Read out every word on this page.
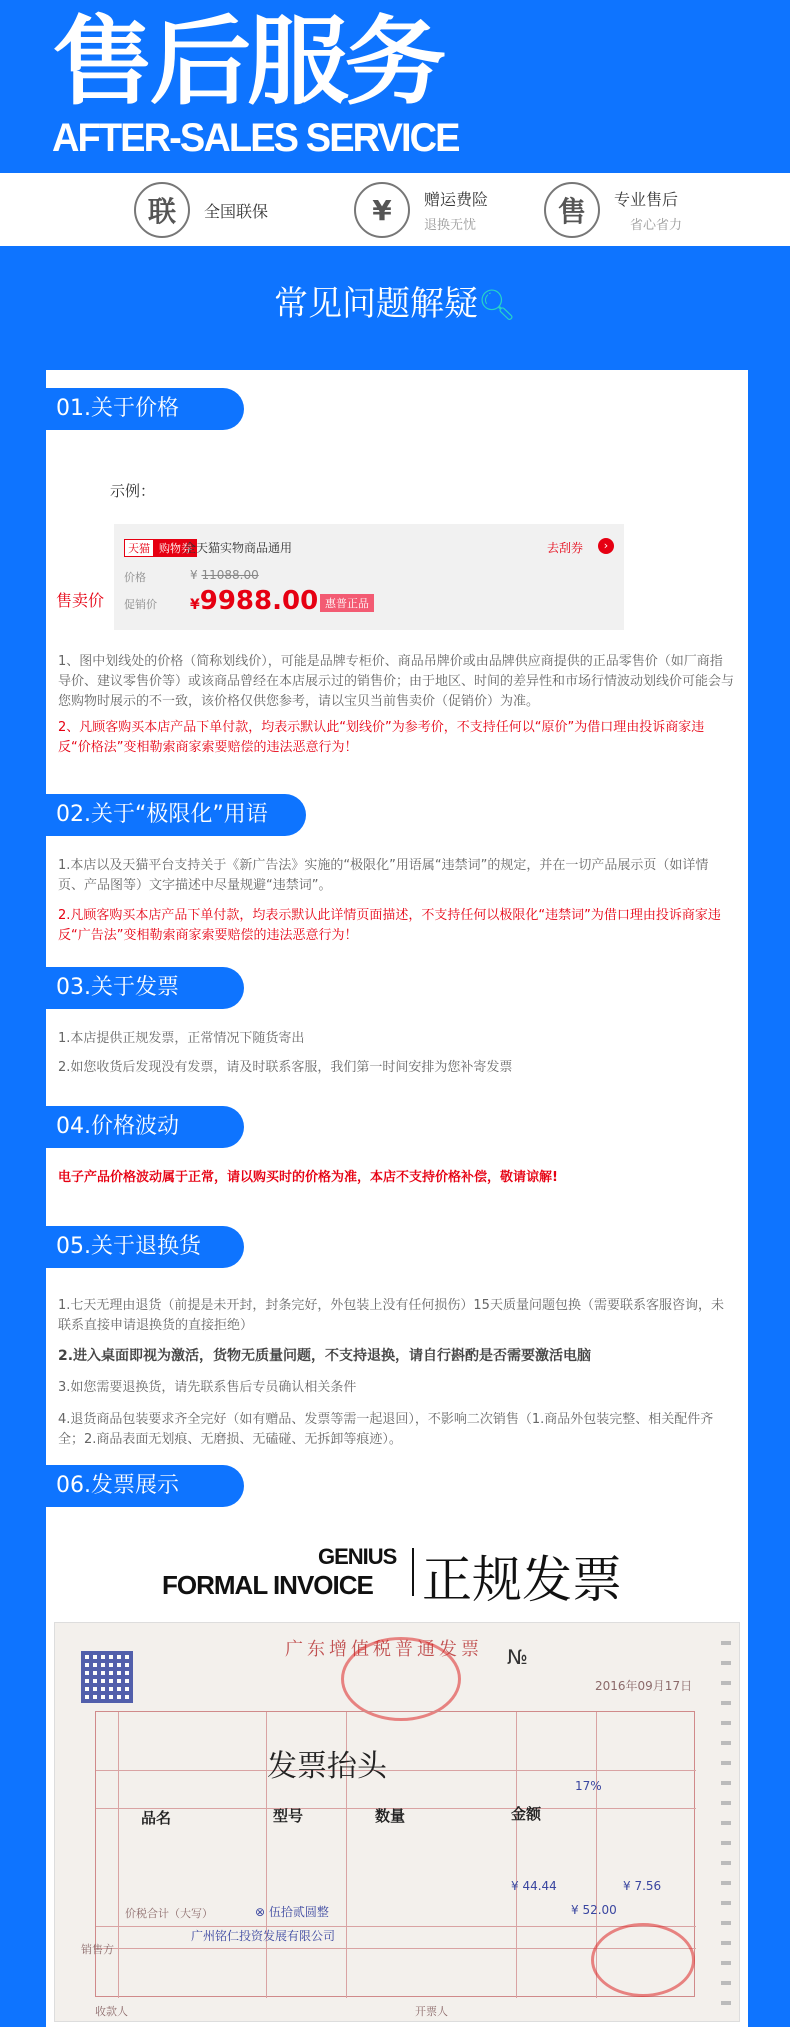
售后服务
AFTER-SALES SERVICE
联	全国联保	¥	赠运费险
退换无忧	售	专业售后
省心省力
常见问题解疑🔍︎
01.关于价格
示例：
天猫 购物券
全天猫实物商品通用	去刮券	›
价格	¥ 11088.00
促销价 ¥9988.00 惠普正品
售卖价
1、图中划线处的价格（简称划线价），可能是品牌专柜价、商品吊牌价或由品牌供应商提供的正品零售价（如厂商指导价、建议零售价等）或该商品曾经在本店展示过的销售价；由于地区、时间的差异性和市场行情波动划线价可能会与您购物时展示的不一致，该价格仅供您参考，请以宝贝当前售卖价（促销价）为准。
2、凡顾客购买本店产品下单付款，均表示默认此“划线价”为参考价，不支持任何以“原价”为借口理由投诉商家违反“价格法”变相勒索商家索要赔偿的违法恶意行为！
02.关于“极限化”用语
1.本店以及天猫平台支持关于《新广告法》实施的“极限化”用语属“违禁词”的规定，并在一切产品展示页（如详情页、产品图等）文字描述中尽量规避“违禁词”。
2.凡顾客购买本店产品下单付款，均表示默认此详情页面描述，不支持任何以极限化“违禁词”为借口理由投诉商家违反“广告法”变相勒索商家索要赔偿的违法恶意行为！
03.关于发票
1.本店提供正规发票，正常情况下随货寄出
2.如您收货后发现没有发票，请及时联系客服，我们第一时间安排为您补寄发票
04.价格波动
电子产品价格波动属于正常，请以购买时的价格为准，本店不支持价格补偿，敬请谅解!
05.关于退换货
1.七天无理由退货（前提是未开封，封条完好，外包装上没有任何损伤）15天质量问题包换（需要联系客服咨询，未联系直接申请退换货的直接拒绝）
2.进入桌面即视为激活，货物无质量问题，不支持退换，请自行斟酌是否需要激活电脑
3.如您需要退换货，请先联系售后专员确认相关条件
4.退货商品包装要求齐全完好（如有赠品、发票等需一起退回），不影响二次销售（1.商品外包装完整、相关配件齐全；2.商品表面无划痕、无磨损、无磕碰、无拆卸等痕迹）。
06.发票展示
GENIUS
FORMAL INVOICE 正规发票
广东增值税普通发票 №
2016年09月17日
发票抬头
品名	型号	数量	金额
17%
¥ 44.44	¥ 7.56
价税合计（大写）	⊗ 伍拾贰圆整	¥ 52.00
销售方
广州铭仁投资发展有限公司
收款人	开票人
